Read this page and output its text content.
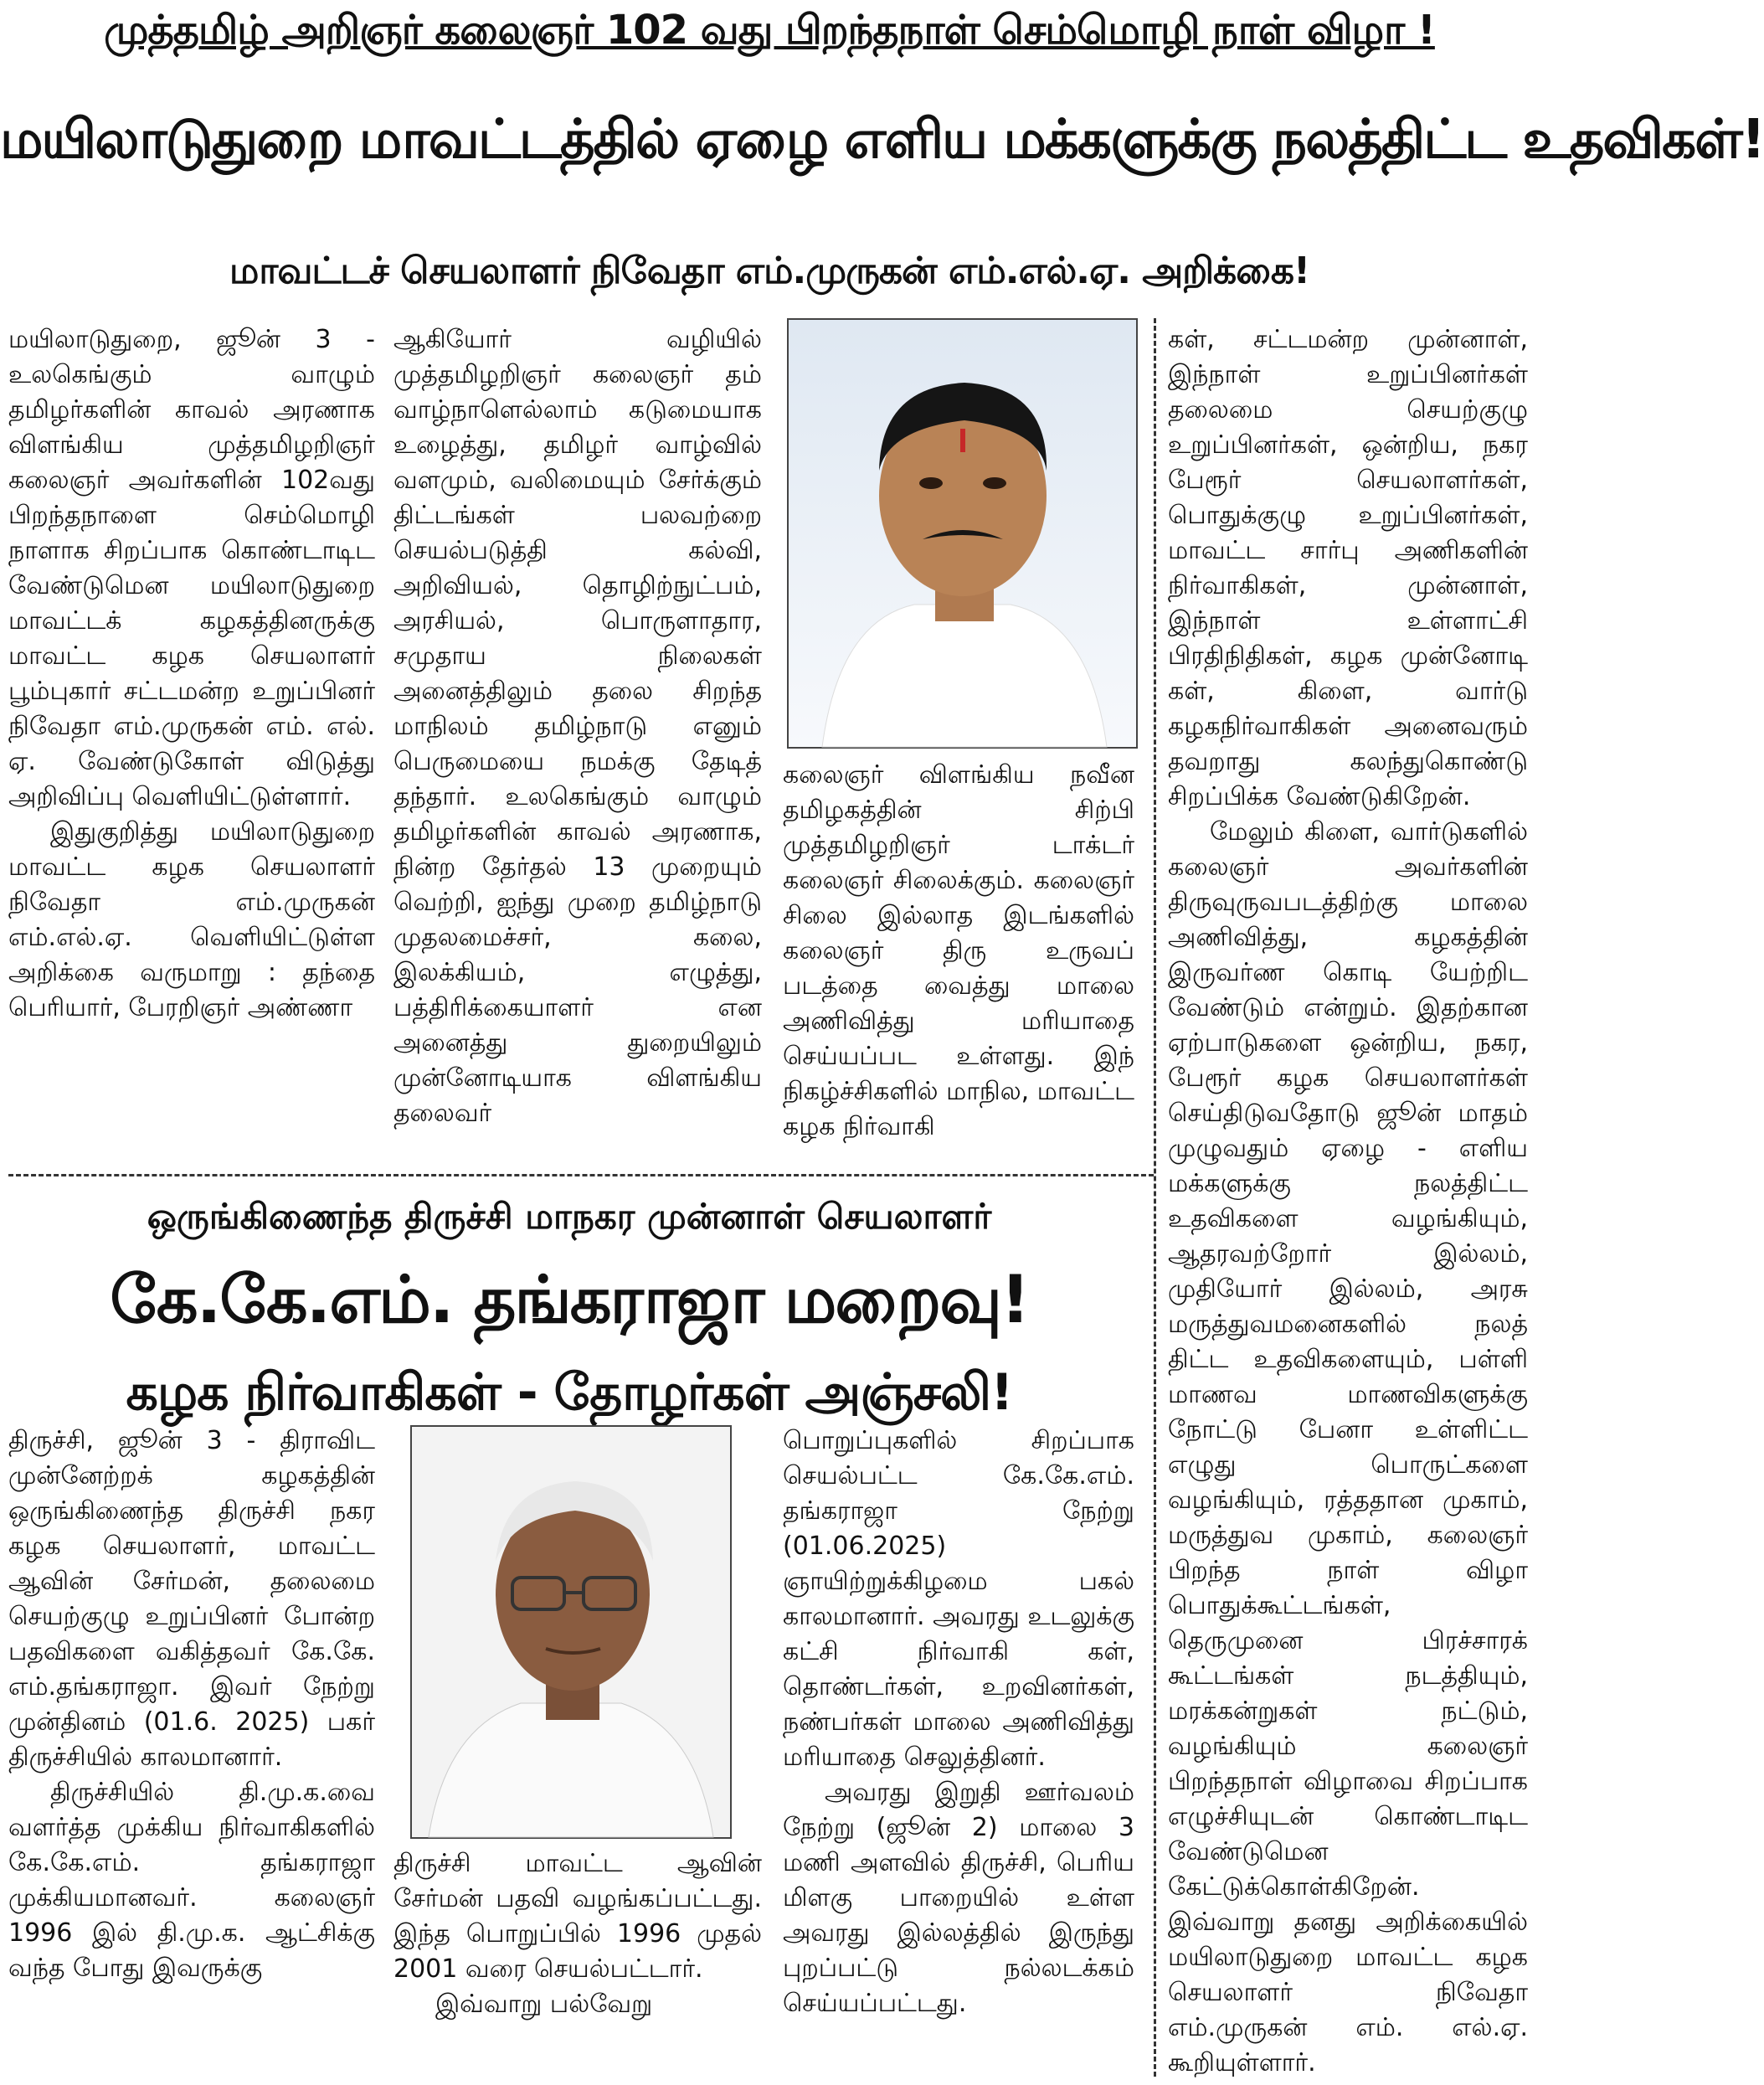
முத்தமிழ் அறிஞர் கலைஞர் 102 வது பிறந்தநாள் செம்மொழி நாள் விழா !
மயிலாடுதுறை மாவட்டத்தில் ஏழை எளிய மக்களுக்கு நலத்திட்ட உதவிகள்!
மாவட்டச் செயலாளர் நிவேதா எம்.முருகன் எம்.எல்.ஏ. அறிக்கை!

மயிலாடுதுறை, ஜூன் 3 - உலகெங்கும் வாழும் தமிழர்களின் காவல் அரணாக விளங்கிய முத்தமிழறிஞர் கலைஞர் அவர்களின் 102வது பிறந்தநாளை செம்மொழி நாளாக சிறப்பாக கொண்டாடிட வேண்டுமென மயிலாடுதுறை மாவட்டக் கழகத்தினருக்கு மாவட்ட கழக செயலாளர் பூம்புகார் சட்டமன்ற உறுப்பினர் நிவேதா எம்.முருகன் எம். எல். ஏ. வேண்டுகோள் விடுத்து அறிவிப்பு வெளியிட்டுள்ளார்.

இதுகுறித்து மயிலாடுதுறை மாவட்ட கழக செயலாளர் நிவேதா எம்.முருகன் எம்.எல்.ஏ. வெளியிட்டுள்ள அறிக்கை வருமாறு : தந்தை பெரியார், பேரறிஞர் அண்ணா

ஆகியோர் வழியில் முத்தமிழறிஞர் கலைஞர் தம் வாழ்நாளெல்லாம் கடுமையாக உழைத்து, தமிழர் வாழ்வில் வளமும், வலிமையும் சேர்க்கும் திட்டங்கள் பலவற்றை செயல்படுத்தி கல்வி, அறிவியல், தொழிற்நுட்பம், அரசியல், பொருளாதார, சமுதாய நிலைகள் அனைத்திலும் தலை சிறந்த மாநிலம் தமிழ்நாடு எனும் பெருமையை நமக்கு தேடித் தந்தார். உலகெங்கும் வாழும் தமிழர்களின் காவல் அரணாக, நின்ற தேர்தல் 13 முறையும் வெற்றி, ஐந்து முறை தமிழ்நாடு முதலமைச்சர், கலை, இலக்கியம், எழுத்து, பத்திரிக்கையாளர் என அனைத்து துறையிலும் முன்னோடியாக விளங்கிய தலைவர்

கலைஞர் விளங்கிய நவீன தமிழகத்தின் சிற்பி முத்தமிழறிஞர் டாக்டர் கலைஞர் சிலைக்கும். கலைஞர் சிலை இல்லாத இடங்களில் கலைஞர் திரு உருவப் படத்தை வைத்து மாலை அணிவித்து மரியாதை செய்யப்பட உள்ளது. இந் நிகழ்ச்சிகளில் மாநில, மாவட்ட கழக நிர்வாகி

கள், சட்டமன்ற முன்னாள், இந்நாள் உறுப்பினர்கள் தலைமை செயற்குழு உறுப்பினர்கள், ஒன்றிய, நகர பேரூர் செயலாளர்கள், பொதுக்குழு உறுப்பினர்கள், மாவட்ட சார்பு அணிகளின் நிர்வாகிகள், முன்னாள், இந்நாள் உள்ளாட்சி பிரதிநிதிகள், கழக முன்னோடி கள், கிளை, வார்டு கழகநிர்வாகிகள் அனைவரும் தவறாது கலந்துகொண்டு சிறப்பிக்க வேண்டுகிறேன்.

மேலும் கிளை, வார்டுகளில் கலைஞர் அவர்களின் திருவுருவபடத்திற்கு மாலை அணிவித்து, கழகத்தின் இருவர்ண கொடி யேற்றிட வேண்டும் என்றும். இதற்கான ஏற்பாடுகளை ஒன்றிய, நகர, பேரூர் கழக செயலாளர்கள் செய்திடுவதோடு ஜூன் மாதம் முழுவதும் ஏழை - எளிய மக்களுக்கு நலத்திட்ட உதவிகளை வழங்கியும், ஆதரவற்றோர் இல்லம், முதியோர் இல்லம், அரசு மருத்துவமனைகளில் நலத் திட்ட உதவிகளையும், பள்ளி மாணவ மாணவிகளுக்கு நோட்டு பேனா உள்ளிட்ட எழுது பொருட்களை வழங்கியும், ரத்ததான முகாம், மருத்துவ முகாம், கலைஞர் பிறந்த நாள் விழா பொதுக்கூட்டங்கள், தெருமுனை பிரச்சாரக் கூட்டங்கள் நடத்தியும், மரக்கன்றுகள் நட்டும், வழங்கியும் கலைஞர் பிறந்தநாள் விழாவை சிறப்பாக எழுச்சியுடன் கொண்டாடிட வேண்டுமென கேட்டுக்கொள்கிறேன். இவ்வாறு தனது அறிக்கையில் மயிலாடுதுறை மாவட்ட கழக செயலாளர் நிவேதா எம்.முருகன் எம். எல்.ஏ. கூறியுள்ளார்.

ஒருங்கிணைந்த திருச்சி மாநகர முன்னாள் செயலாளர்
கே.கே.எம். தங்கராஜா மறைவு!
கழக நிர்வாகிகள் - தோழர்கள் அஞ்சலி!

திருச்சி, ஜூன் 3 - திராவிட முன்னேற்றக் கழகத்தின் ஒருங்கிணைந்த திருச்சி நகர கழக செயலாளர், மாவட்ட ஆவின் சேர்மன், தலைமை செயற்குழு உறுப்பினர் போன்ற பதவிகளை வகித்தவர் கே.கே. எம்.தங்கராஜா. இவர் நேற்று முன்தினம் (01.6. 2025) பகர் திருச்சியில் காலமானார்.

திருச்சியில் தி.மு.க.வை வளர்த்த முக்கிய நிர்வாகிகளில் கே.கே.எம். தங்கராஜா முக்கியமானவர். கலைஞர் 1996 இல் தி.மு.க. ஆட்சிக்கு வந்த போது இவருக்கு

திருச்சி மாவட்ட ஆவின் சேர்மன் பதவி வழங்கப்பட்டது. இந்த பொறுப்பில் 1996 முதல் 2001 வரை செயல்பட்டார்.

இவ்வாறு பல்வேறு

பொறுப்புகளில் சிறப்பாக செயல்பட்ட கே.கே.எம். தங்கராஜா நேற்று (01.06.2025) ஞாயிற்றுக்கிழமை பகல் காலமானார். அவரது உடலுக்கு கட்சி நிர்வாகி கள், தொண்டர்கள், உறவினர்கள், நண்பர்கள் மாலை அணிவித்து மரியாதை செலுத்தினர்.

அவரது இறுதி ஊர்வலம் நேற்று (ஜூன் 2) மாலை 3 மணி அளவில் திருச்சி, பெரிய மிளகு பாறையில் உள்ள அவரது இல்லத்தில் இருந்து புறப்பட்டு நல்லடக்கம் செய்யப்பட்டது.
